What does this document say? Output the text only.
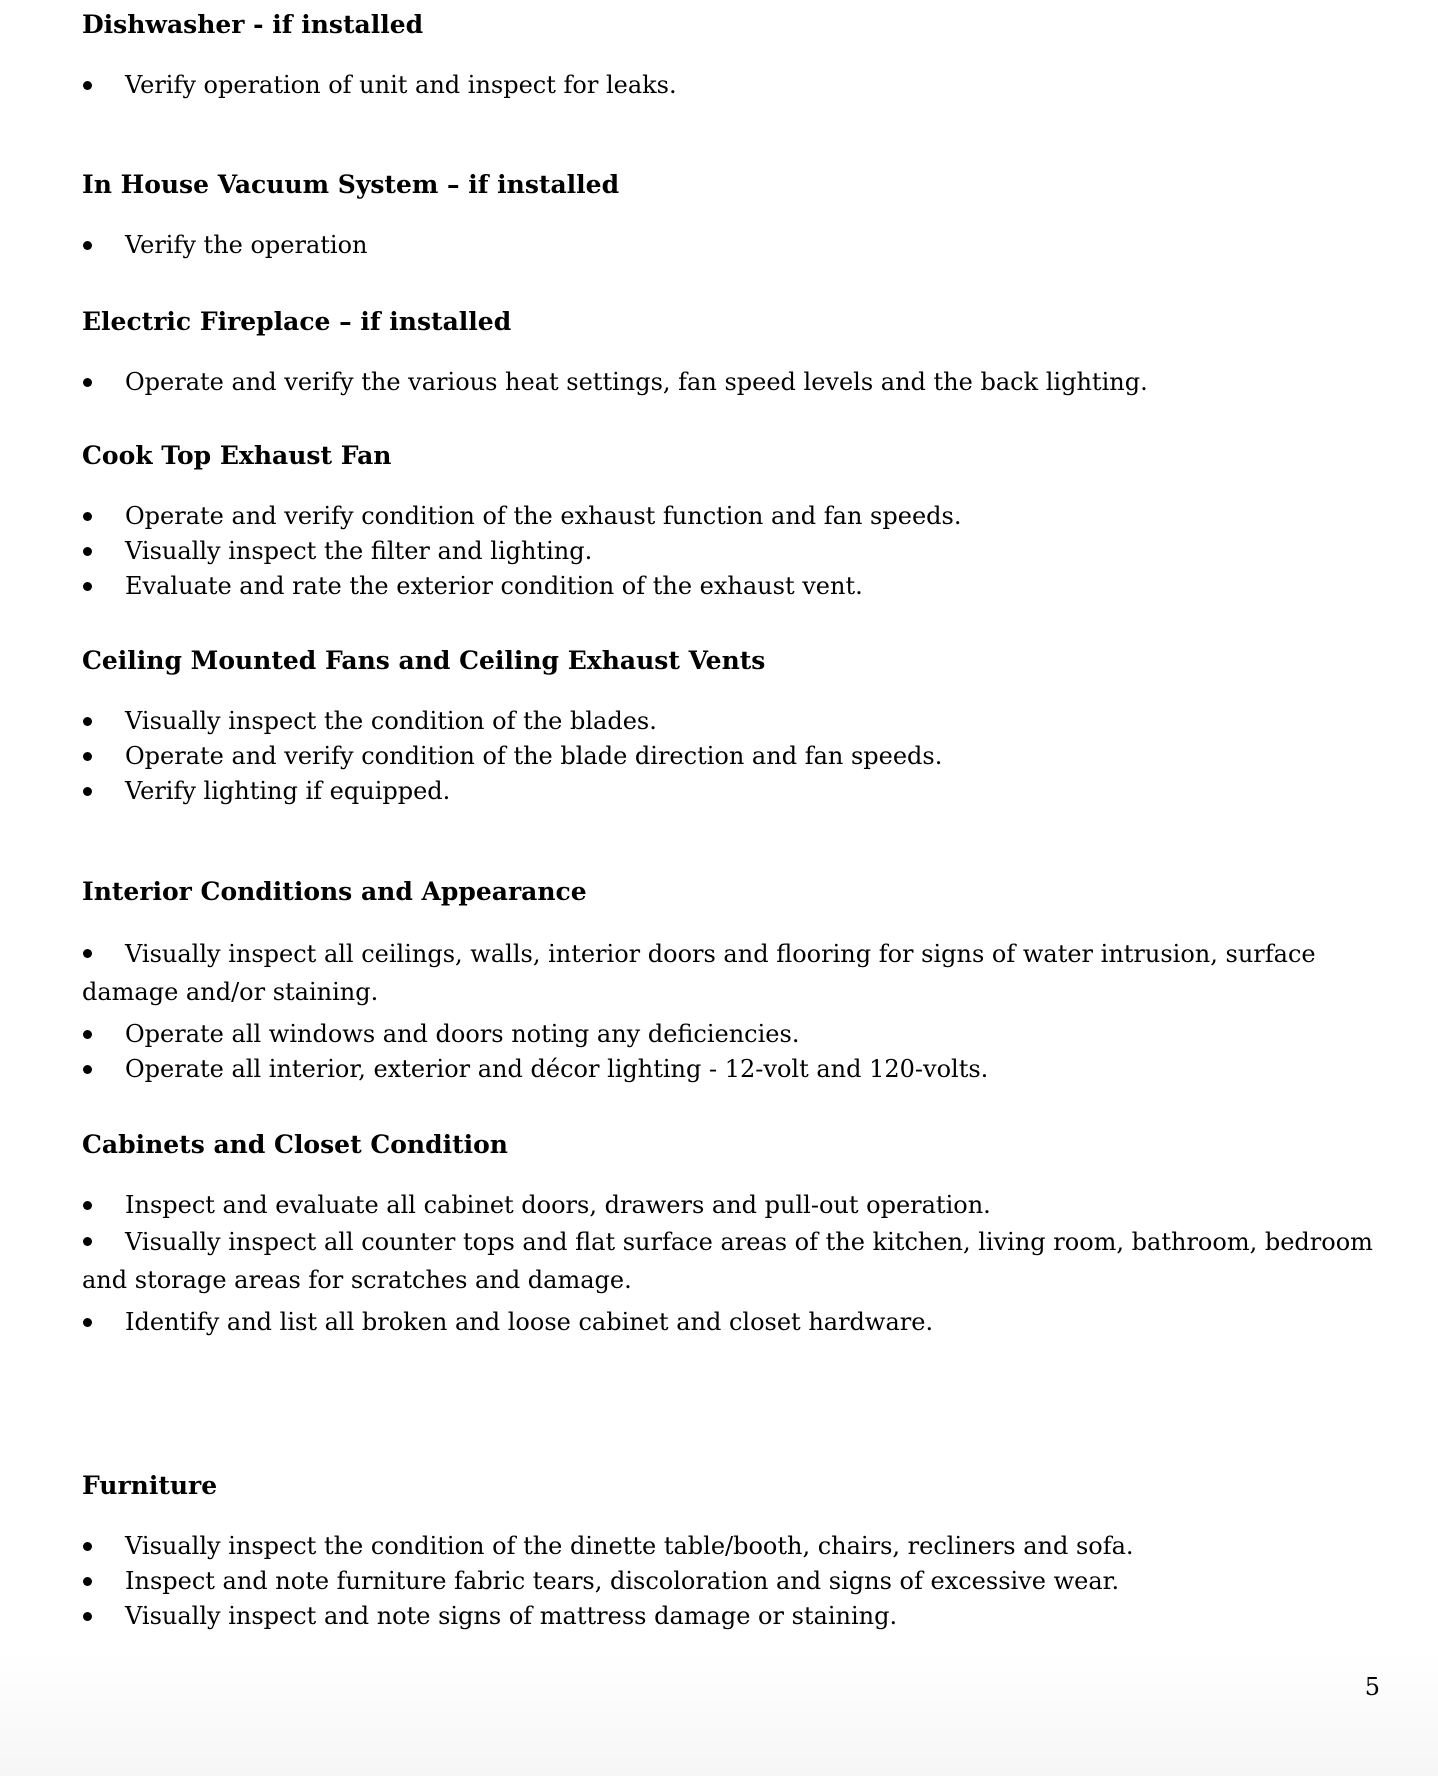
Dishwasher - if installed
Verify operation of unit and inspect for leaks.
In House Vacuum System – if installed
Verify the operation
Electric Fireplace – if installed
Operate and verify the various heat settings, fan speed levels and the back lighting.
Cook Top Exhaust Fan
Operate and verify condition of the exhaust function and fan speeds.
Visually inspect the filter and lighting.
Evaluate and rate the exterior condition of the exhaust vent.
Ceiling Mounted Fans and Ceiling Exhaust Vents
Visually inspect the condition of the blades.
Operate and verify condition of the blade direction and fan speeds.
Verify lighting if equipped.
Interior Conditions and Appearance
Visually inspect all ceilings, walls, interior doors and flooring for signs of water intrusion, surface damage and/or staining.
Operate all windows and doors noting any deficiencies.
Operate all interior, exterior and décor lighting - 12-volt and 120-volts.
Cabinets and Closet Condition
Inspect and evaluate all cabinet doors, drawers and pull-out operation.
Visually inspect all counter tops and flat surface areas of the kitchen, living room, bathroom, bedroom and storage areas for scratches and damage.
Identify and list all broken and loose cabinet and closet hardware.
Furniture
Visually inspect the condition of the dinette table/booth, chairs, recliners and sofa.
Inspect and note furniture fabric tears, discoloration and signs of excessive wear.
Visually inspect and note signs of mattress damage or staining.
5
